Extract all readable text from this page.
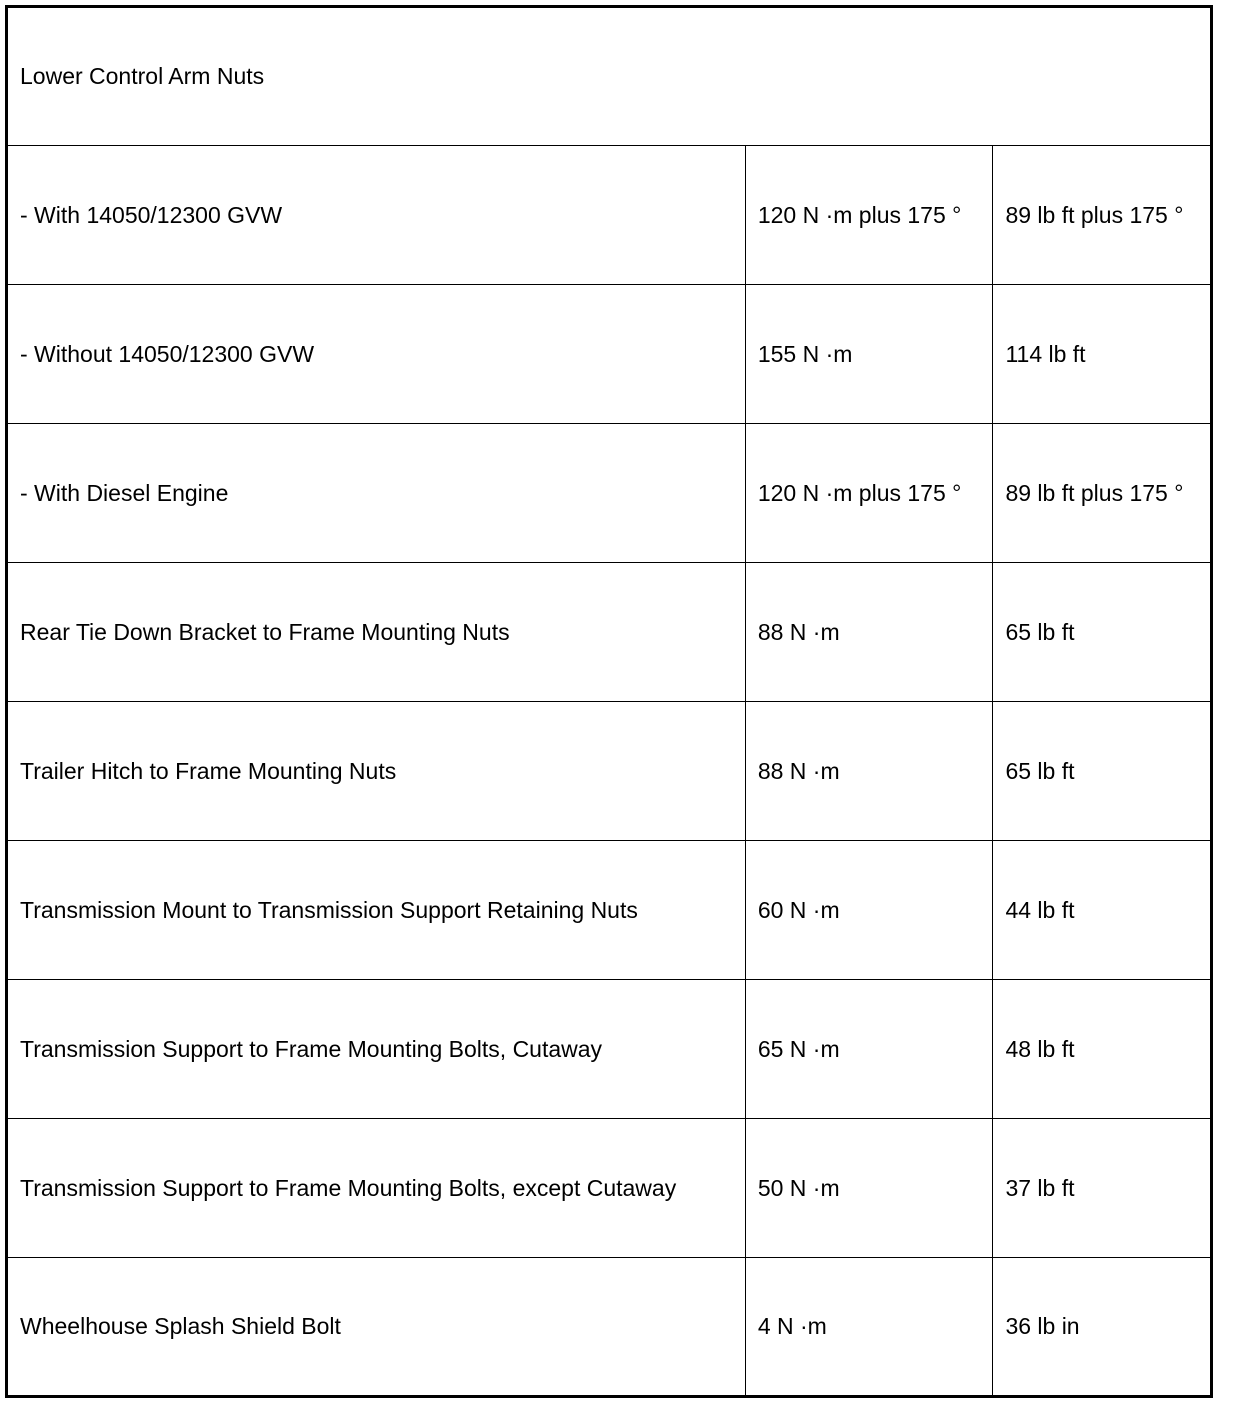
Lower Control Arm Nuts		
- With 14050/12300 GVW	120 N ·m plus 175 °	89 lb ft plus 175 °
- Without 14050/12300 GVW	155 N ·m	114 lb ft
- With Diesel Engine	120 N ·m plus 175 °	89 lb ft plus 175 °
Rear Tie Down Bracket to Frame Mounting Nuts	88 N ·m	65 lb ft
Trailer Hitch to Frame Mounting Nuts	88 N ·m	65 lb ft
Transmission Mount to Transmission Support Retaining Nuts	60 N ·m	44 lb ft
Transmission Support to Frame Mounting Bolts, Cutaway	65 N ·m	48 lb ft
Transmission Support to Frame Mounting Bolts, except Cutaway	50 N ·m	37 lb ft
Wheelhouse Splash Shield Bolt	4 N ·m	36 lb in
